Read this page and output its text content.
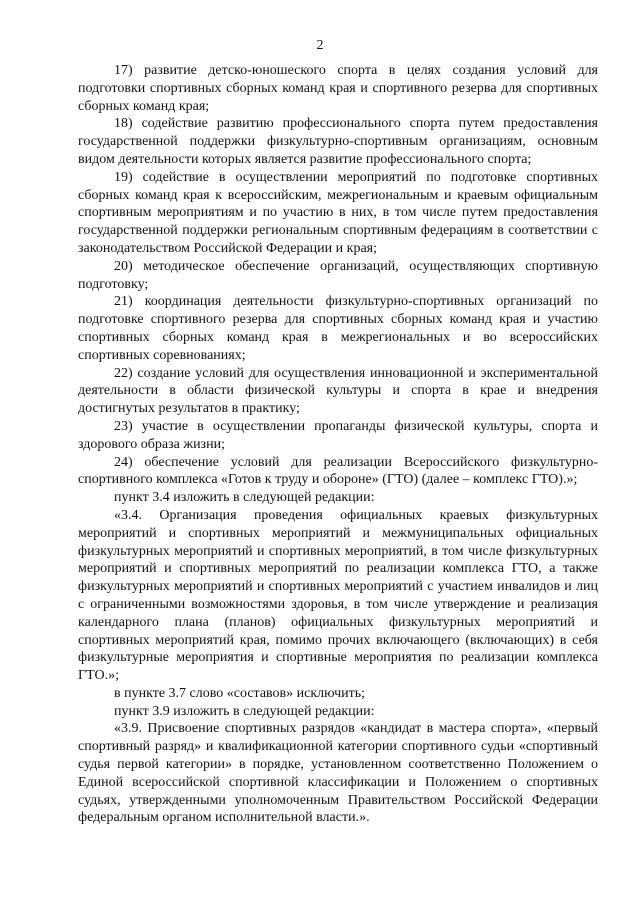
2

17) развитие детско-юношеского спорта в целях создания условий для подготовки спортивных сборных команд края и спортивного резерва для спортивных сборных команд края;

18) содействие развитию профессионального спорта путем предоставления государственной поддержки физкультурно-спортивным организациям, основным видом деятельности которых является развитие профессионального спорта;

19) содействие в осуществлении мероприятий по подготовке спортивных сборных команд края к всероссийским, межрегиональным и краевым официальным спортивным мероприятиям и по участию в них, в том числе путем предоставления государственной поддержки региональным спортивным федерациям в соответствии с законодательством Российской Федерации и края;

20) методическое обеспечение организаций, осуществляющих спортивную подготовку;

21) координация деятельности физкультурно-спортивных организаций по подготовке спортивного резерва для спортивных сборных команд края и участию спортивных сборных команд края в межрегиональных и во всероссийских спортивных соревнованиях;

22) создание условий для осуществления инновационной и экспериментальной деятельности в области физической культуры и спорта в крае и внедрения достигнутых результатов в практику;

23) участие в осуществлении пропаганды физической культуры, спорта и здорового образа жизни;

24) обеспечение условий для реализации Всероссийского физкультурно-спортивного комплекса «Готов к труду и обороне» (ГТО) (далее – комплекс ГТО).»;

пункт 3.4 изложить в следующей редакции:

«3.4. Организация проведения официальных краевых физкультурных мероприятий и спортивных мероприятий и межмуниципальных официальных физкультурных мероприятий и спортивных мероприятий, в том числе физкультурных мероприятий и спортивных мероприятий по реализации комплекса ГТО, а также физкультурных мероприятий и спортивных мероприятий с участием инвалидов и лиц с ограниченными возможностями здоровья, в том числе утверждение и реализация календарного плана (планов) официальных физкультурных мероприятий и спортивных мероприятий края, помимо прочих включающего (включающих) в себя физкультурные мероприятия и спортивные мероприятия по реализации комплекса ГТО.»;

в пункте 3.7 слово «составов» исключить;

пункт 3.9 изложить в следующей редакции:

«3.9. Присвоение спортивных разрядов «кандидат в мастера спорта», «первый спортивный разряд» и квалификационной категории спортивного судьи «спортивный судья первой категории» в порядке, установленном соответственно Положением о Единой всероссийской спортивной классификации и Положением о спортивных судьях, утвержденными уполномоченным Правительством Российской Федерации федеральным органом исполнительной власти.».
